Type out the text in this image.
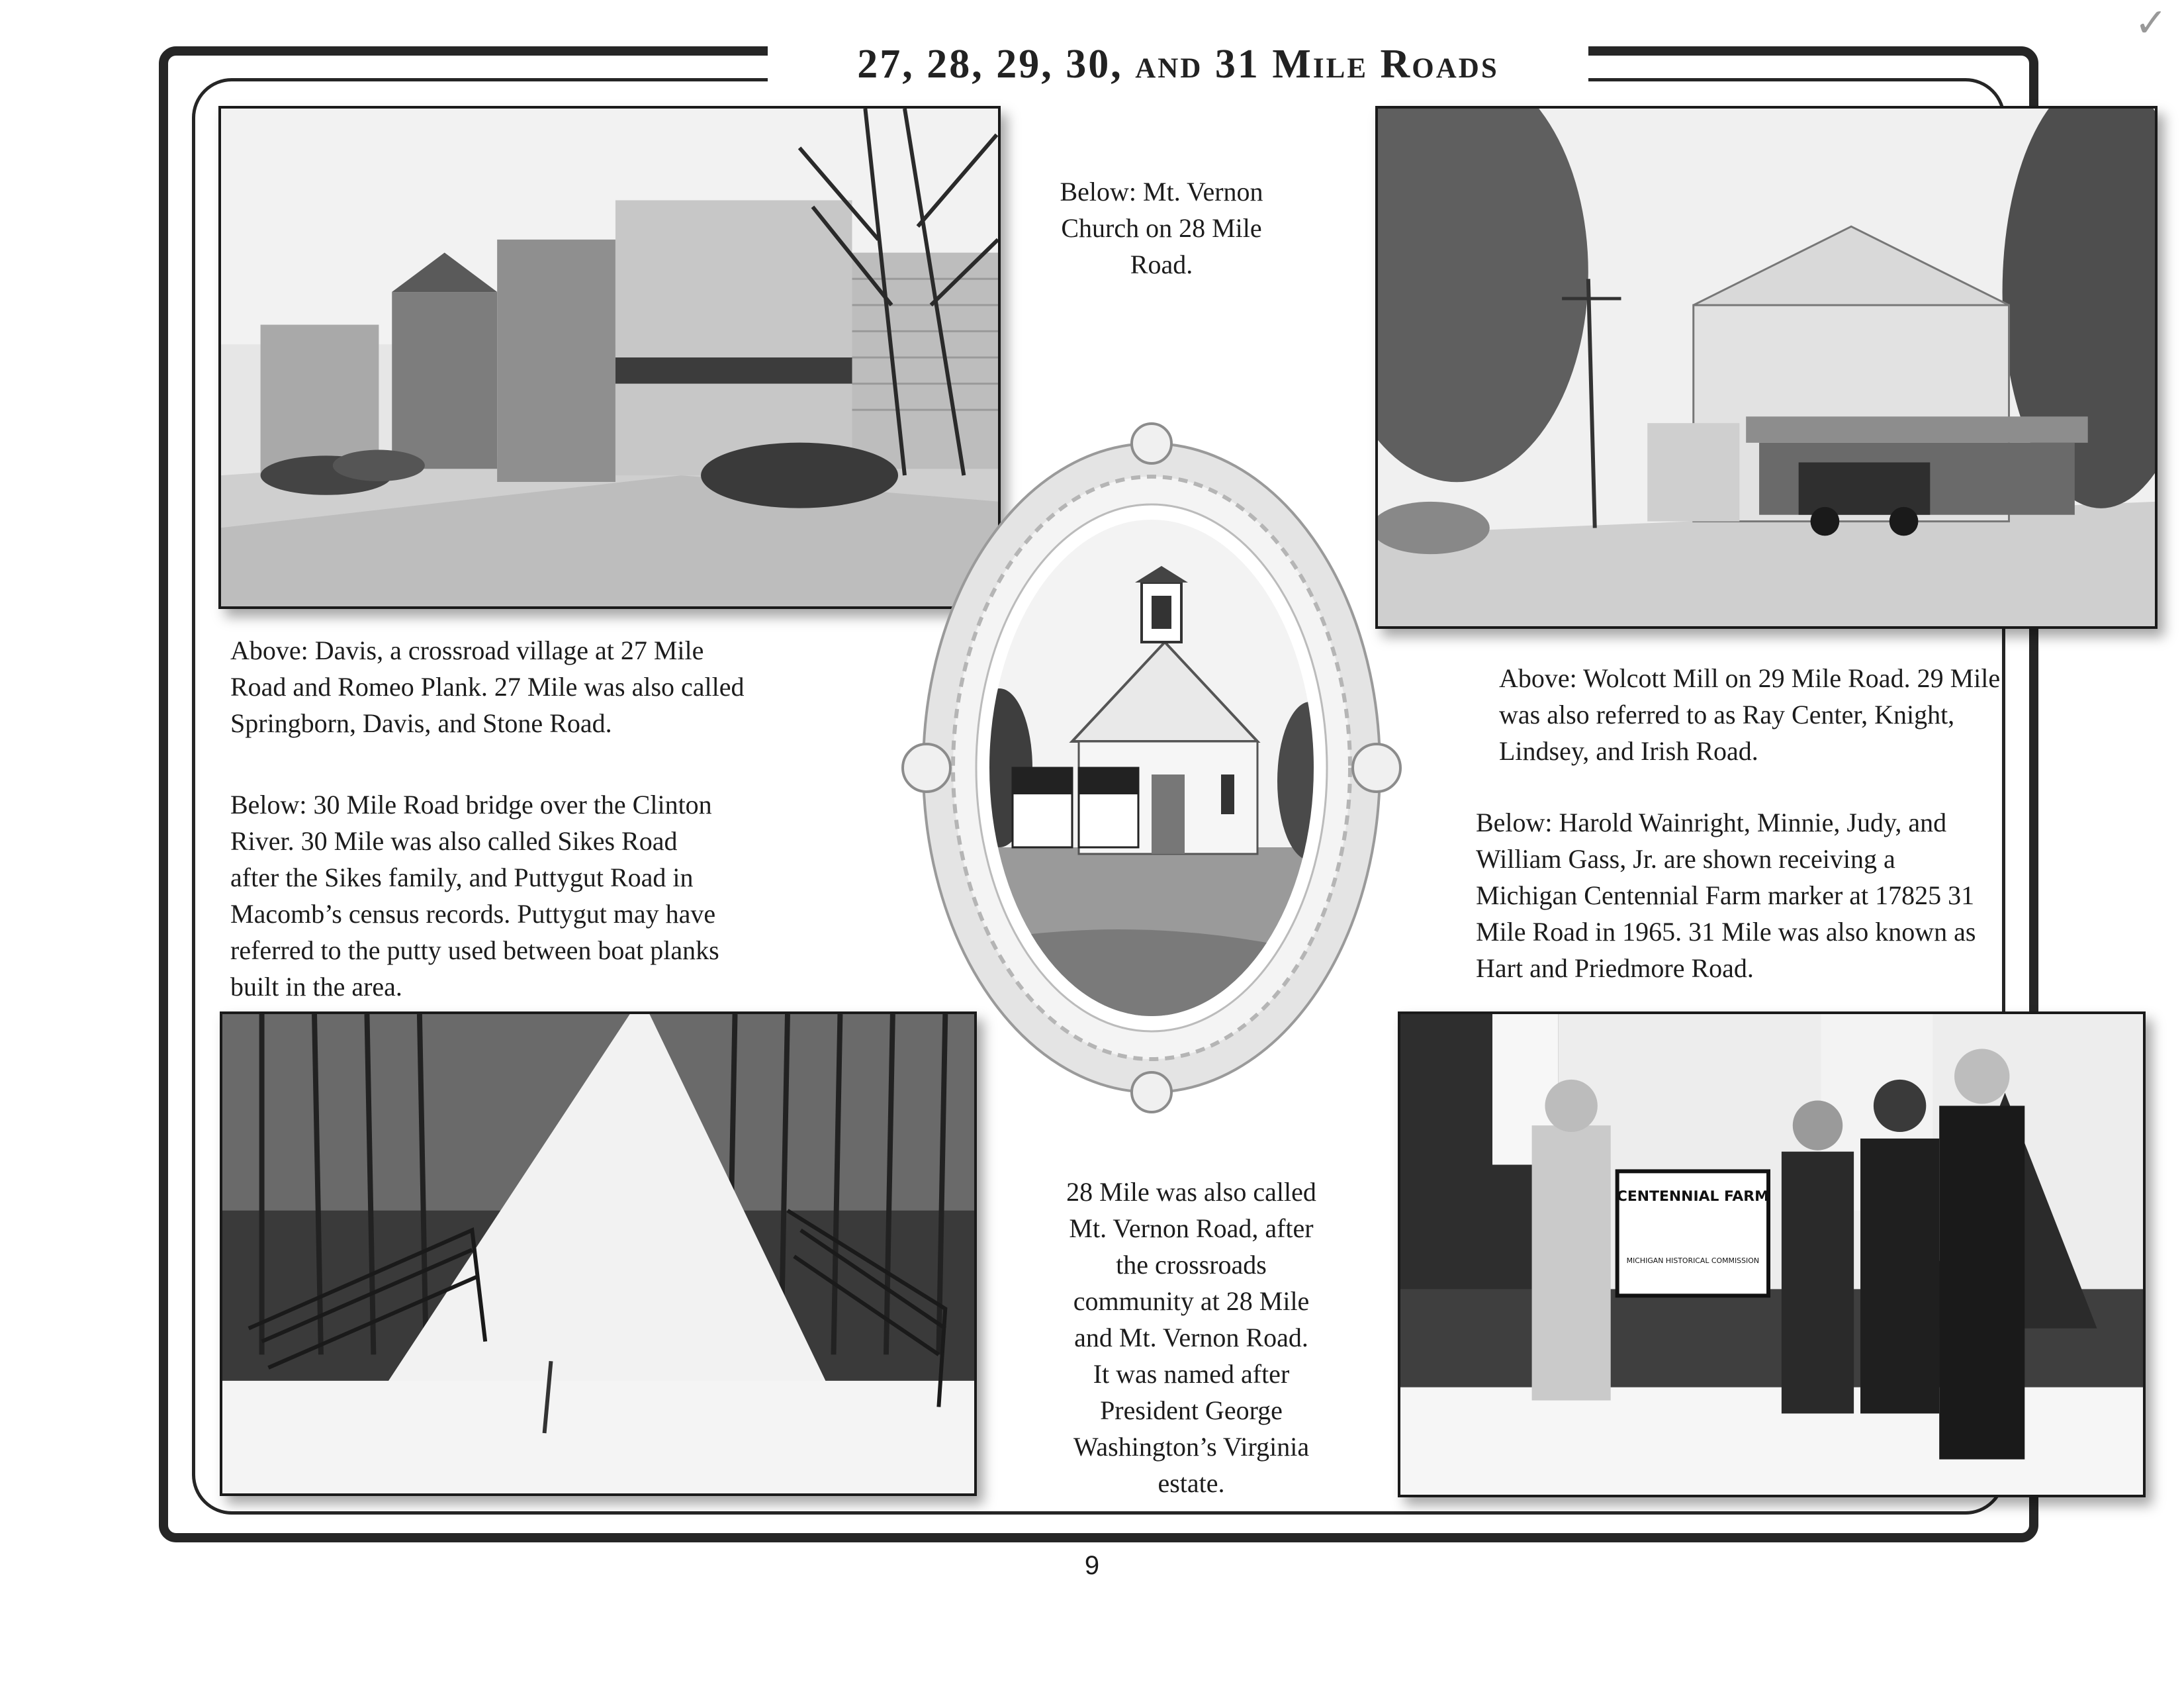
27, 28, 29, 30, and 31 Mile Roads
✓
CENTENNIAL FARM
MICHIGAN HISTORICAL COMMISSION
Below: Mt. Vernon
Church on 28 Mile
Road.
Above: Davis, a crossroad village at 27 Mile
Road and Romeo Plank. 27 Mile was also called
Springborn, Davis, and Stone Road.
Below: 30 Mile Road bridge over the Clinton
River. 30 Mile was also called Sikes Road
after the Sikes family, and Puttygut Road in
Macomb’s census records. Puttygut may have
referred to the putty used between boat planks
built in the area.
Above: Wolcott Mill on 29 Mile Road. 29 Mile
was also referred to as Ray Center, Knight,
Lindsey, and Irish Road.
Below: Harold Wainright, Minnie, Judy, and
William Gass, Jr. are shown receiving a
Michigan Centennial Farm marker at 17825 31
Mile Road in 1965. 31 Mile was also known as
Hart and Priedmore Road.
28 Mile was also called
Mt. Vernon Road, after
the crossroads
community at 28 Mile
and Mt. Vernon Road.
It was named after
President George
Washington’s Virginia
estate.
9
